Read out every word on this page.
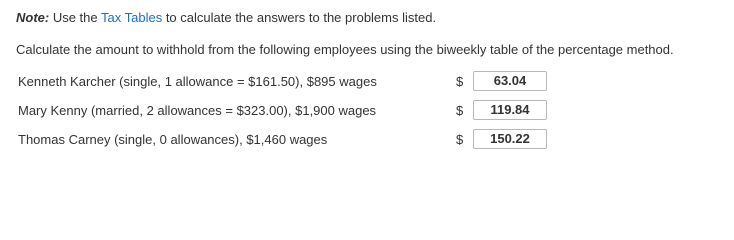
Note: Use the Tax Tables to calculate the answers to the problems listed.
Calculate the amount to withhold from the following employees using the biweekly table of the percentage method.
Kenneth Karcher (single, 1 allowance = $161.50), $895 wages	$	63.04
Mary Kenny (married, 2 allowances = $323.00), $1,900 wages	$	119.84
Thomas Carney (single, 0 allowances), $1,460 wages	$	150.22
